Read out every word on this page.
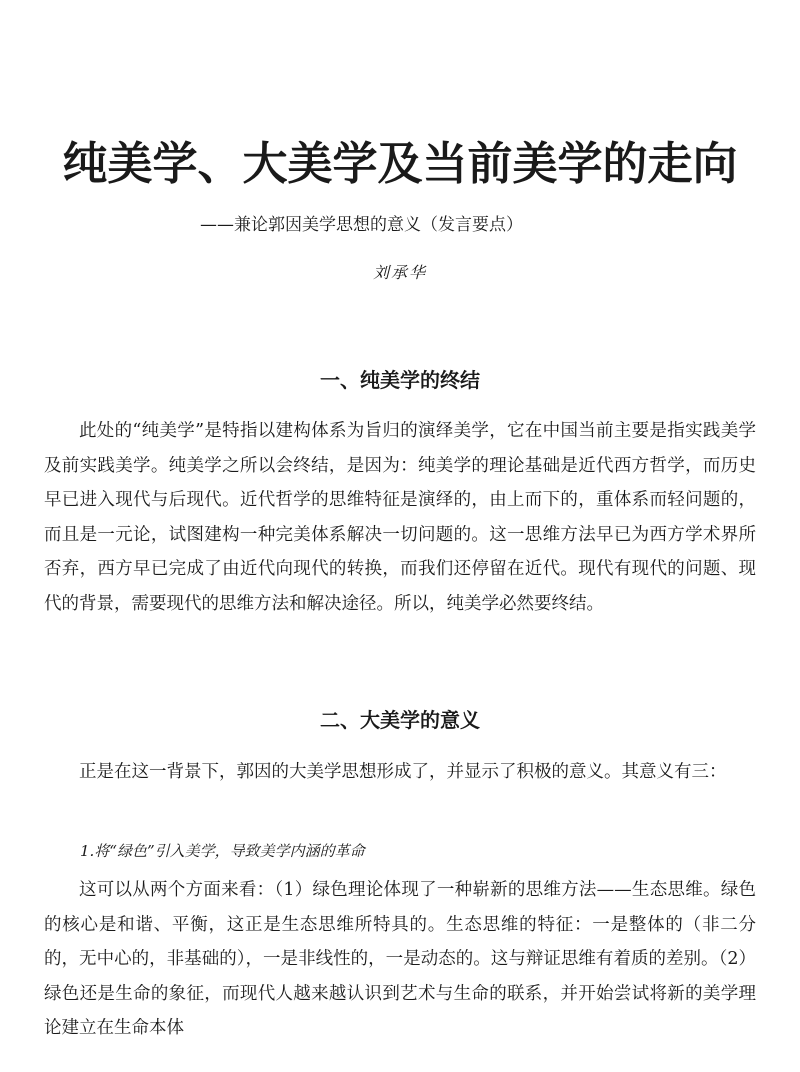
纯美学、大美学及当前美学的走向

——兼论郭因美学思想的意义（发言要点）

刘承华
一、纯美学的终结

此处的“纯美学”是特指以建构体系为旨归的演绎美学，它在中国当前主要是指实践美学及前实践美学。纯美学之所以会终结，是因为：纯美学的理论基础是近代西方哲学，而历史早已进入现代与后现代。近代哲学的思维特征是演绎的，由上而下的，重体系而轻问题的，而且是一元论，试图建构一种完美体系解决一切问题的。这一思维方法早已为西方学术界所否弃，西方早已完成了由近代向现代的转换，而我们还停留在近代。现代有现代的问题、现代的背景，需要现代的思维方法和解决途径。所以，纯美学必然要终结。

二、大美学的意义

正是在这一背景下，郭因的大美学思想形成了，并显示了积极的意义。其意义有三：

1.将“绿色”引入美学，导致美学内涵的革命

这可以从两个方面来看：（1）绿色理论体现了一种崭新的思维方法——生态思维。绿色的核心是和谐、平衡，这正是生态思维所特具的。生态思维的特征：一是整体的（非二分的，无中心的，非基础的），一是非线性的，一是动态的。这与辩证思维有着质的差别。（2）绿色还是生命的象征，而现代人越来越认识到艺术与生命的联系，并开始尝试将新的美学理论建立在生命本体
